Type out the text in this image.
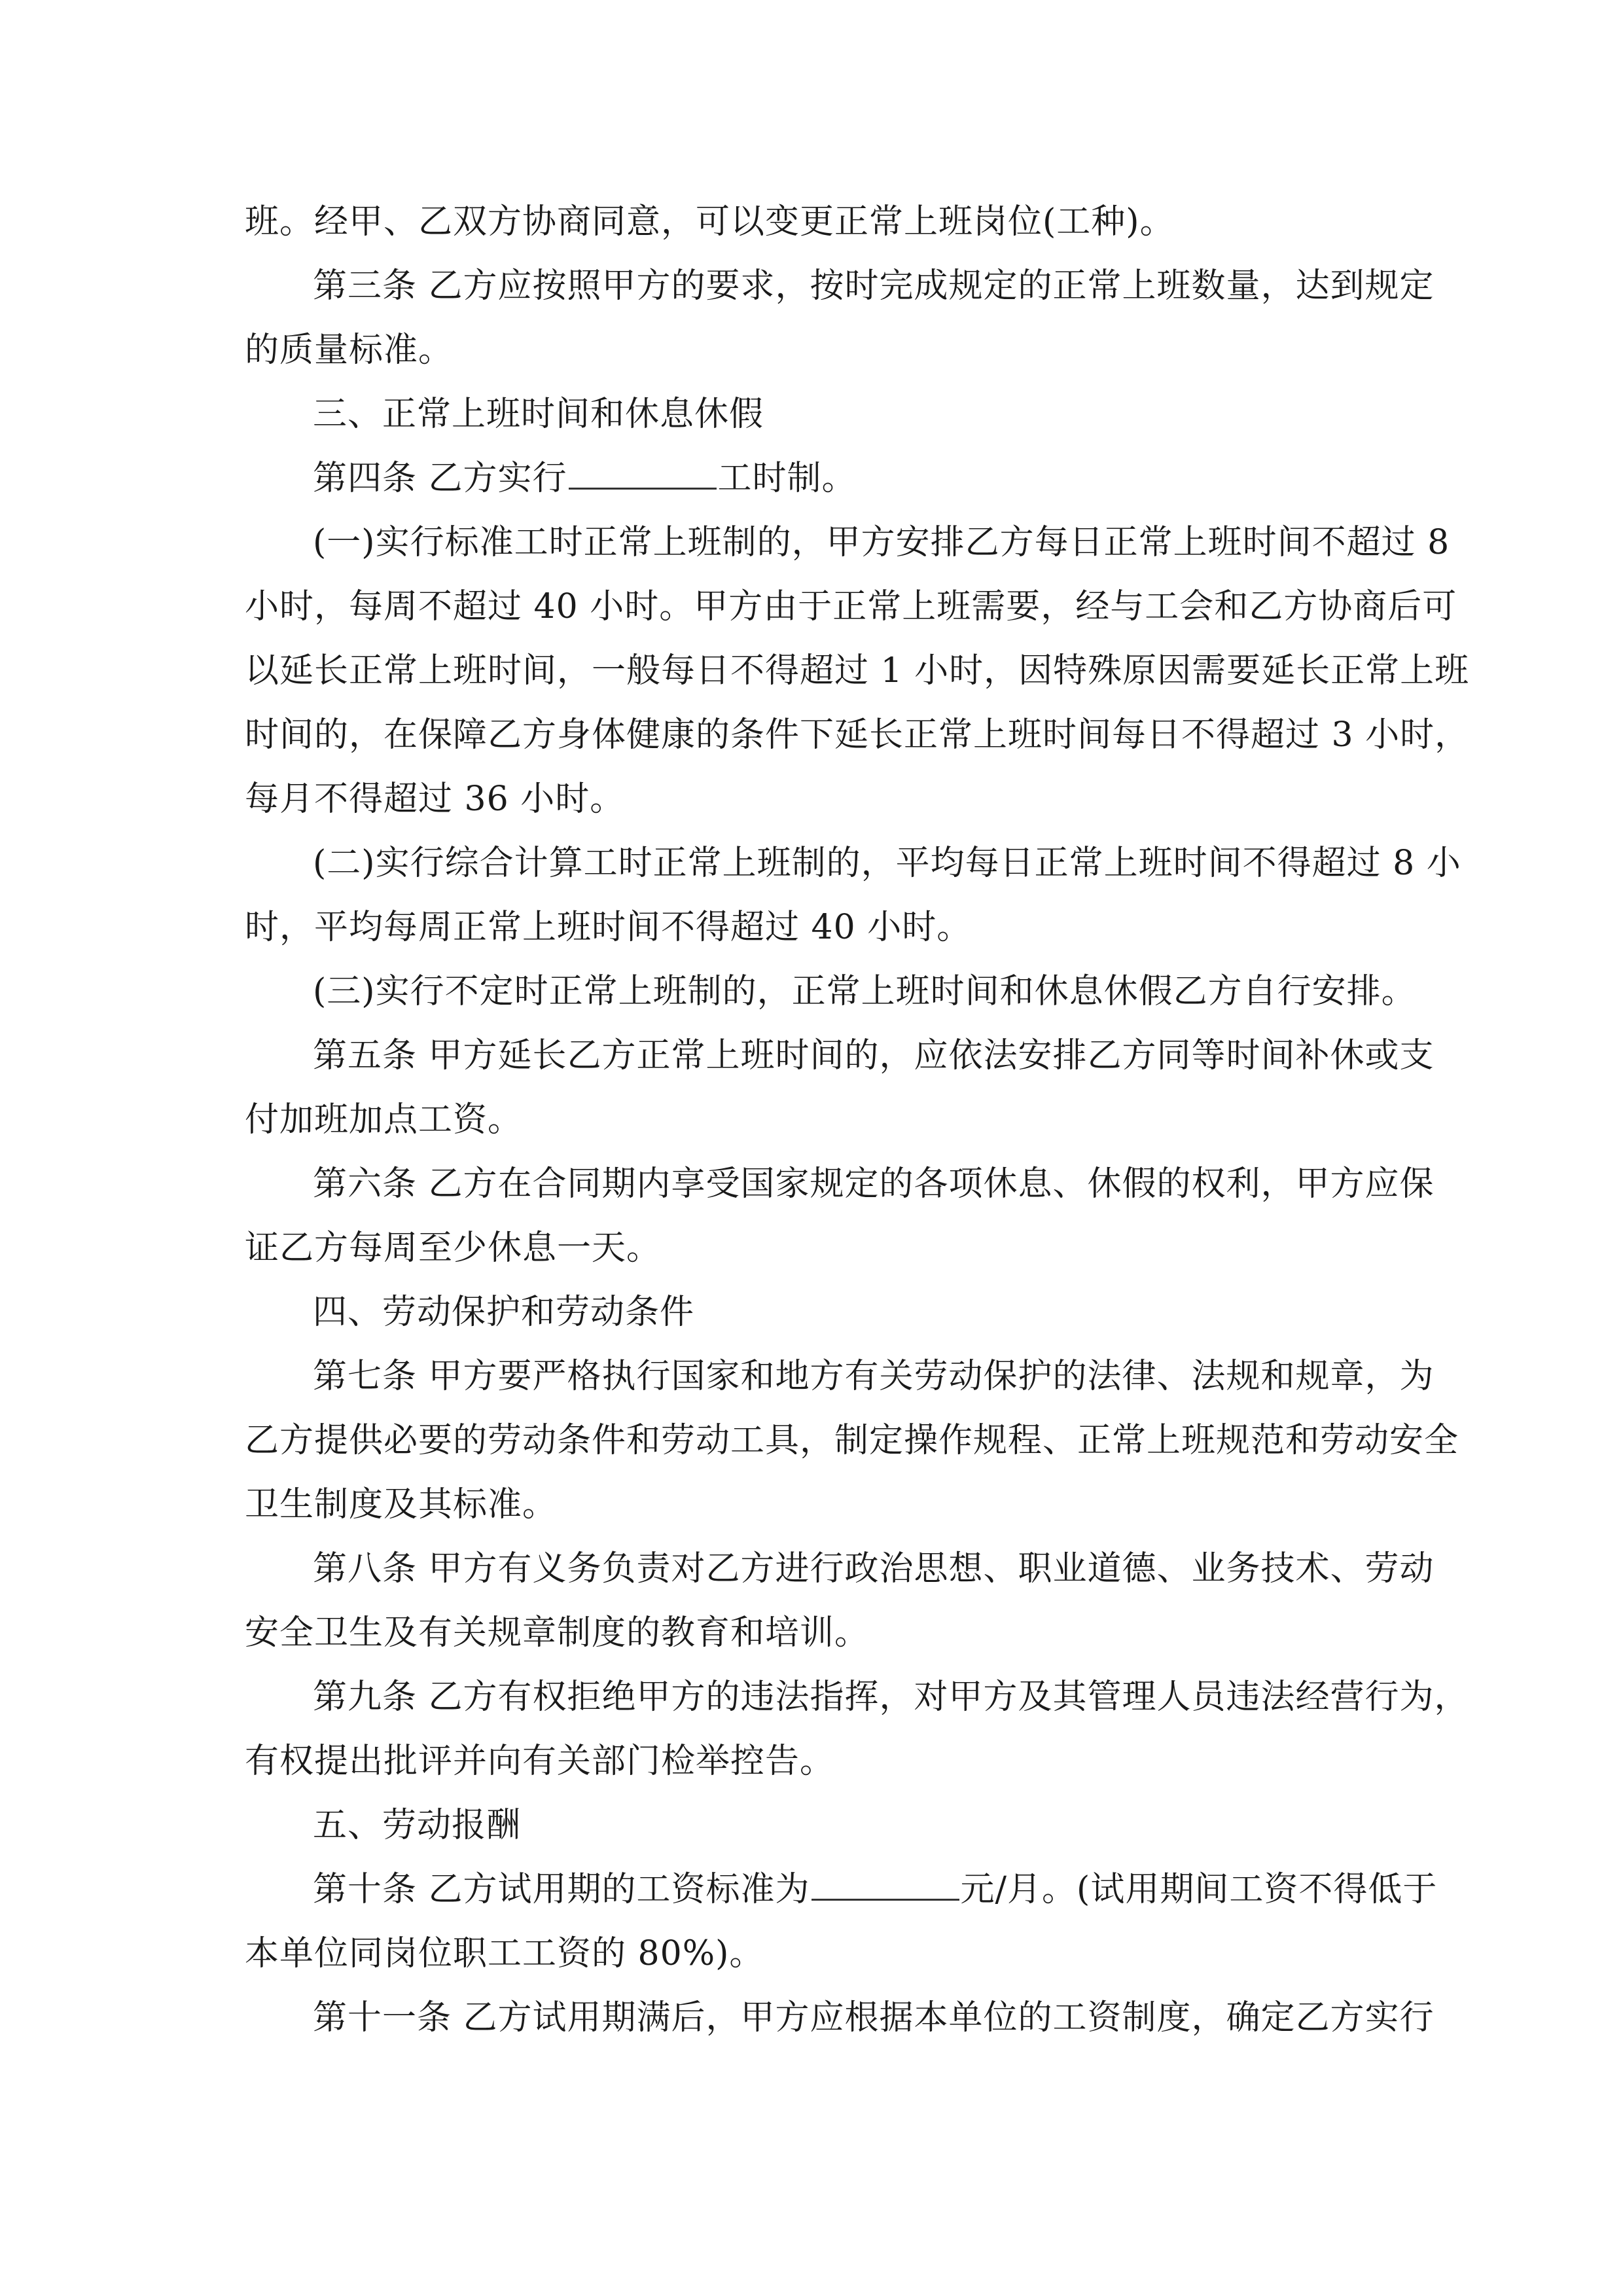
班。经甲、乙双方协商同意，可以变更正常上班岗位(工种)。
第三条 乙方应按照甲方的要求，按时完成规定的正常上班数量，达到规定
的质量标准。
三、正常上班时间和休息休假
第四条 乙方实行	工时制。
(一)实行标准工时正常上班制的，甲方安排乙方每日正常上班时间不超过 8
小时，每周不超过 40 小时。甲方由于正常上班需要，经与工会和乙方协商后可
以延长正常上班时间，一般每日不得超过 1 小时，因特殊原因需要延长正常上班
时间的，在保障乙方身体健康的条件下延长正常上班时间每日不得超过 3 小时，
每月不得超过 36 小时。
(二)实行综合计算工时正常上班制的，平均每日正常上班时间不得超过 8 小
时，平均每周正常上班时间不得超过 40 小时。
(三)实行不定时正常上班制的，正常上班时间和休息休假乙方自行安排。
第五条 甲方延长乙方正常上班时间的，应依法安排乙方同等时间补休或支
付加班加点工资。
第六条 乙方在合同期内享受国家规定的各项休息、休假的权利，甲方应保
证乙方每周至少休息一天。
四、劳动保护和劳动条件
第七条 甲方要严格执行国家和地方有关劳动保护的法律、法规和规章，为
乙方提供必要的劳动条件和劳动工具，制定操作规程、正常上班规范和劳动安全
卫生制度及其标准。
第八条 甲方有义务负责对乙方进行政治思想、职业道德、业务技术、劳动
安全卫生及有关规章制度的教育和培训。
第九条 乙方有权拒绝甲方的违法指挥，对甲方及其管理人员违法经营行为，
有权提出批评并向有关部门检举控告。
五、劳动报酬
第十条 乙方试用期的工资标准为	元/月。(试用期间工资不得低于
本单位同岗位职工工资的 80%)。
第十一条 乙方试用期满后，甲方应根据本单位的工资制度，确定乙方实行
